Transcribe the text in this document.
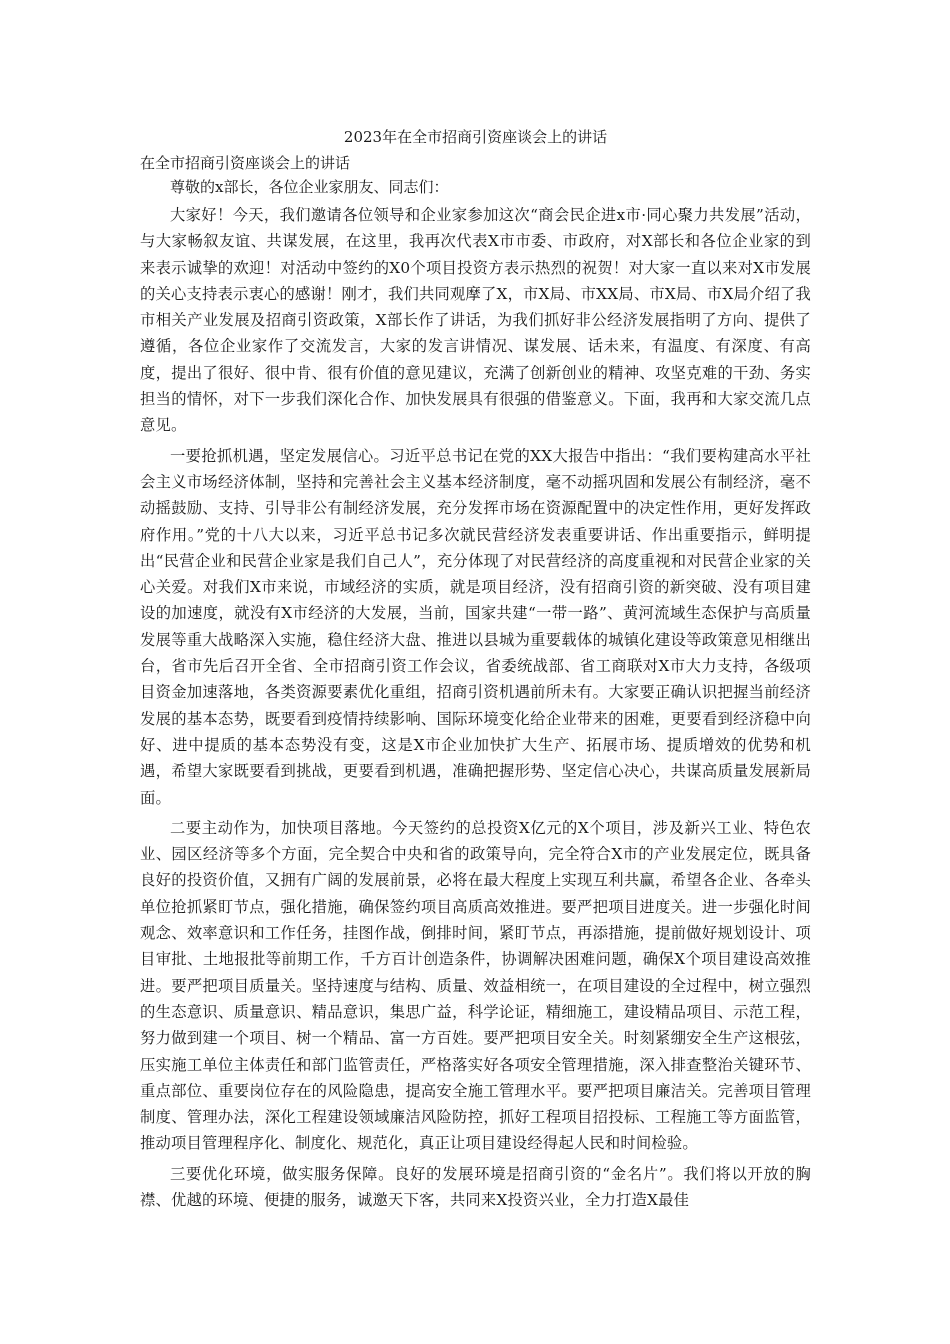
2023年在全市招商引资座谈会上的讲话

在全市招商引资座谈会上的讲话

尊敬的x部长，各位企业家朋友、同志们：

大家好！今天，我们邀请各位领导和企业家参加这次“商会民企进x市·同心聚力共发展”活动，与大家畅叙友谊、共谋发展，在这里，我再次代表X市市委、市政府，对X部长和各位企业家的到来表示诚挚的欢迎！对活动中签约的X0个项目投资方表示热烈的祝贺！对大家一直以来对X市发展的关心支持表示衷心的感谢！刚才，我们共同观摩了X，市X局、市XX局、市X局、市X局介绍了我市相关产业发展及招商引资政策，X部长作了讲话，为我们抓好非公经济发展指明了方向、提供了遵循，各位企业家作了交流发言，大家的发言讲情况、谋发展、话未来，有温度、有深度、有高度，提出了很好、很中肯、很有价值的意见建议，充满了创新创业的精神、攻坚克难的干劲、务实担当的情怀，对下一步我们深化合作、加快发展具有很强的借鉴意义。下面，我再和大家交流几点意见。

一要抢抓机遇，坚定发展信心。习近平总书记在党的XX大报告中指出：“我们要构建高水平社会主义市场经济体制，坚持和完善社会主义基本经济制度，毫不动摇巩固和发展公有制经济，毫不动摇鼓励、支持、引导非公有制经济发展，充分发挥市场在资源配置中的决定性作用，更好发挥政府作用。”党的十八大以来，习近平总书记多次就民营经济发表重要讲话、作出重要指示，鲜明提出“民营企业和民营企业家是我们自己人”，充分体现了对民营经济的高度重视和对民营企业家的关心关爱。对我们X市来说，市域经济的实质，就是项目经济，没有招商引资的新突破、没有项目建设的加速度，就没有X市经济的大发展，当前，国家共建“一带一路”、黄河流域生态保护与高质量发展等重大战略深入实施，稳住经济大盘、推进以县城为重要载体的城镇化建设等政策意见相继出台，省市先后召开全省、全市招商引资工作会议，省委统战部、省工商联对X市大力支持，各级项目资金加速落地，各类资源要素优化重组，招商引资机遇前所未有。大家要正确认识把握当前经济发展的基本态势，既要看到疫情持续影响、国际环境变化给企业带来的困难，更要看到经济稳中向好、进中提质的基本态势没有变，这是X市企业加快扩大生产、拓展市场、提质增效的优势和机遇，希望大家既要看到挑战，更要看到机遇，准确把握形势、坚定信心决心，共谋高质量发展新局面。

二要主动作为，加快项目落地。今天签约的总投资X亿元的X个项目，涉及新兴工业、特色农业、园区经济等多个方面，完全契合中央和省的政策导向，完全符合X市的产业发展定位，既具备良好的投资价值，又拥有广阔的发展前景，必将在最大程度上实现互利共赢，希望各企业、各牵头单位抢抓紧盯节点，强化措施，确保签约项目高质高效推进。要严把项目进度关。进一步强化时间观念、效率意识和工作任务，挂图作战，倒排时间，紧盯节点，再添措施，提前做好规划设计、项目审批、土地报批等前期工作，千方百计创造条件，协调解决困难问题，确保X个项目建设高效推进。要严把项目质量关。坚持速度与结构、质量、效益相统一，在项目建设的全过程中，树立强烈的生态意识、质量意识、精品意识，集思广益，科学论证，精细施工，建设精品项目、示范工程，努力做到建一个项目、树一个精品、富一方百姓。要严把项目安全关。时刻紧绷安全生产这根弦，压实施工单位主体责任和部门监管责任，严格落实好各项安全管理措施，深入排查整治关键环节、重点部位、重要岗位存在的风险隐患，提高安全施工管理水平。要严把项目廉洁关。完善项目管理制度、管理办法，深化工程建设领域廉洁风险防控，抓好工程项目招投标、工程施工等方面监管，推动项目管理程序化、制度化、规范化，真正让项目建设经得起人民和时间检验。

三要优化环境，做实服务保障。良好的发展环境是招商引资的“金名片”。我们将以开放的胸襟、优越的环境、便捷的服务，诚邀天下客，共同来X投资兴业，全力打造X最佳
